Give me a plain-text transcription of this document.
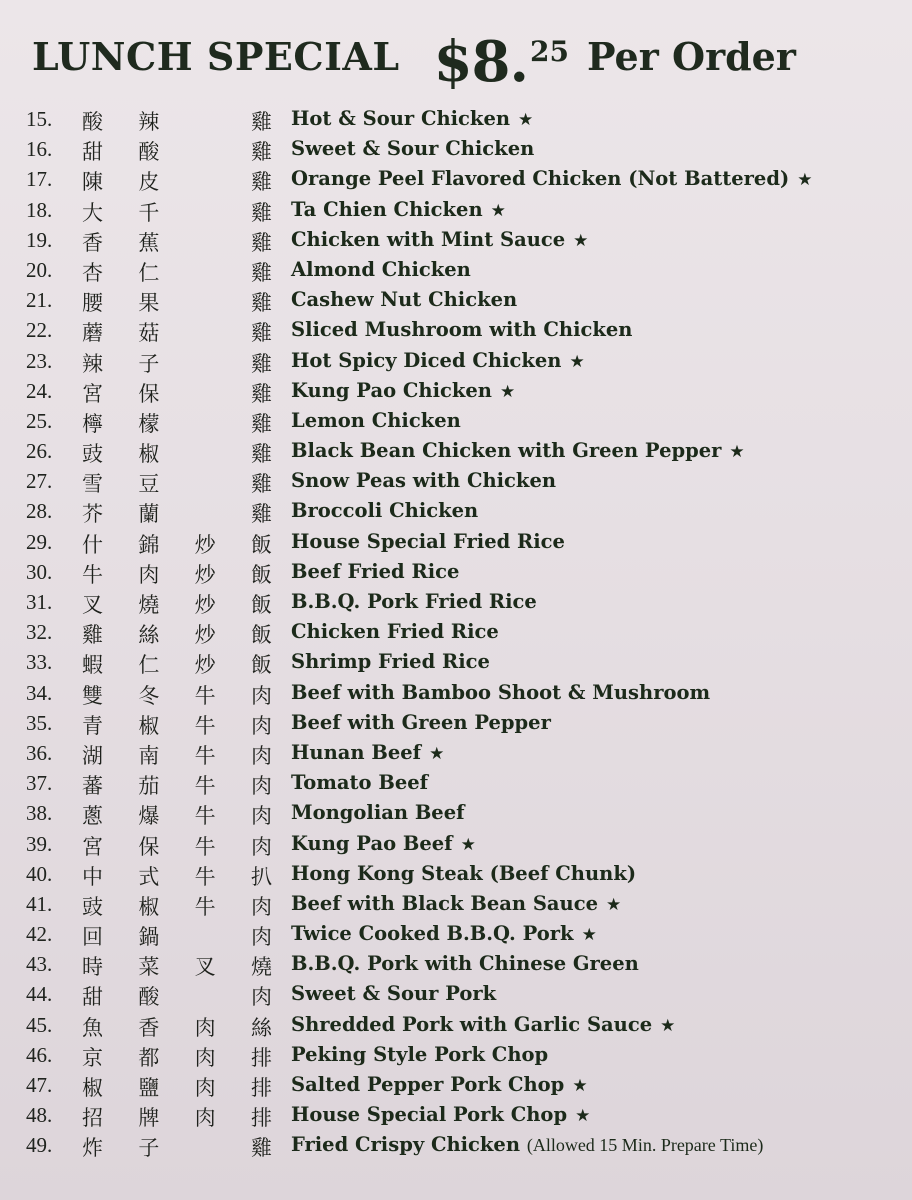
LUNCH SPECIAL $8. 25 Per Order
15. 酸 辣	雞 Hot & Sour Chicken ★
16. 甜 酸	雞 Sweet & Sour Chicken
17. 陳 皮	雞 Orange Peel Flavored Chicken (Not Battered) ★
18. 大 千	雞 Ta Chien Chicken ★
19. 香 蕉	雞 Chicken with Mint Sauce ★
20. 杏 仁	雞 Almond Chicken
21. 腰 果	雞 Cashew Nut Chicken
22. 蘑 菇	雞 Sliced Mushroom with Chicken
23. 辣 子	雞 Hot Spicy Diced Chicken ★
24. 宮 保	雞 Kung Pao Chicken ★
25. 檸 檬	雞 Lemon Chicken
26. 豉 椒	雞 Black Bean Chicken with Green Pepper ★
27. 雪 豆	雞 Snow Peas with Chicken
28. 芥 蘭	雞 Broccoli Chicken
29. 什 錦 炒 飯 House Special Fried Rice
30. 牛 肉 炒 飯 Beef Fried Rice
31. 叉 燒 炒 飯 B.B.Q. Pork Fried Rice
32. 雞 絲 炒 飯 Chicken Fried Rice
33. 蝦 仁 炒 飯 Shrimp Fried Rice
34. 雙 冬 牛 肉 Beef with Bamboo Shoot & Mushroom
35. 青 椒 牛 肉 Beef with Green Pepper
36. 湖 南 牛 肉 Hunan Beef ★
37. 蕃 茄 牛 肉 Tomato Beef
38. 蔥 爆 牛 肉 Mongolian Beef
39. 宮 保 牛 肉 Kung Pao Beef ★
40. 中 式 牛 扒 Hong Kong Steak (Beef Chunk)
41. 豉 椒 牛 肉 Beef with Black Bean Sauce ★
42. 回 鍋	肉 Twice Cooked B.B.Q. Pork ★
43. 時 菜 叉 燒 B.B.Q. Pork with Chinese Green
44. 甜 酸	肉 Sweet & Sour Pork
45. 魚 香 肉 絲 Shredded Pork with Garlic Sauce ★
46. 京 都 肉 排 Peking Style Pork Chop
47. 椒 鹽 肉 排 Salted Pepper Pork Chop ★
48. 招 牌 肉 排 House Special Pork Chop ★
49. 炸 子	雞 Fried Crispy Chicken (Allowed 15 Min. Prepare Time)
